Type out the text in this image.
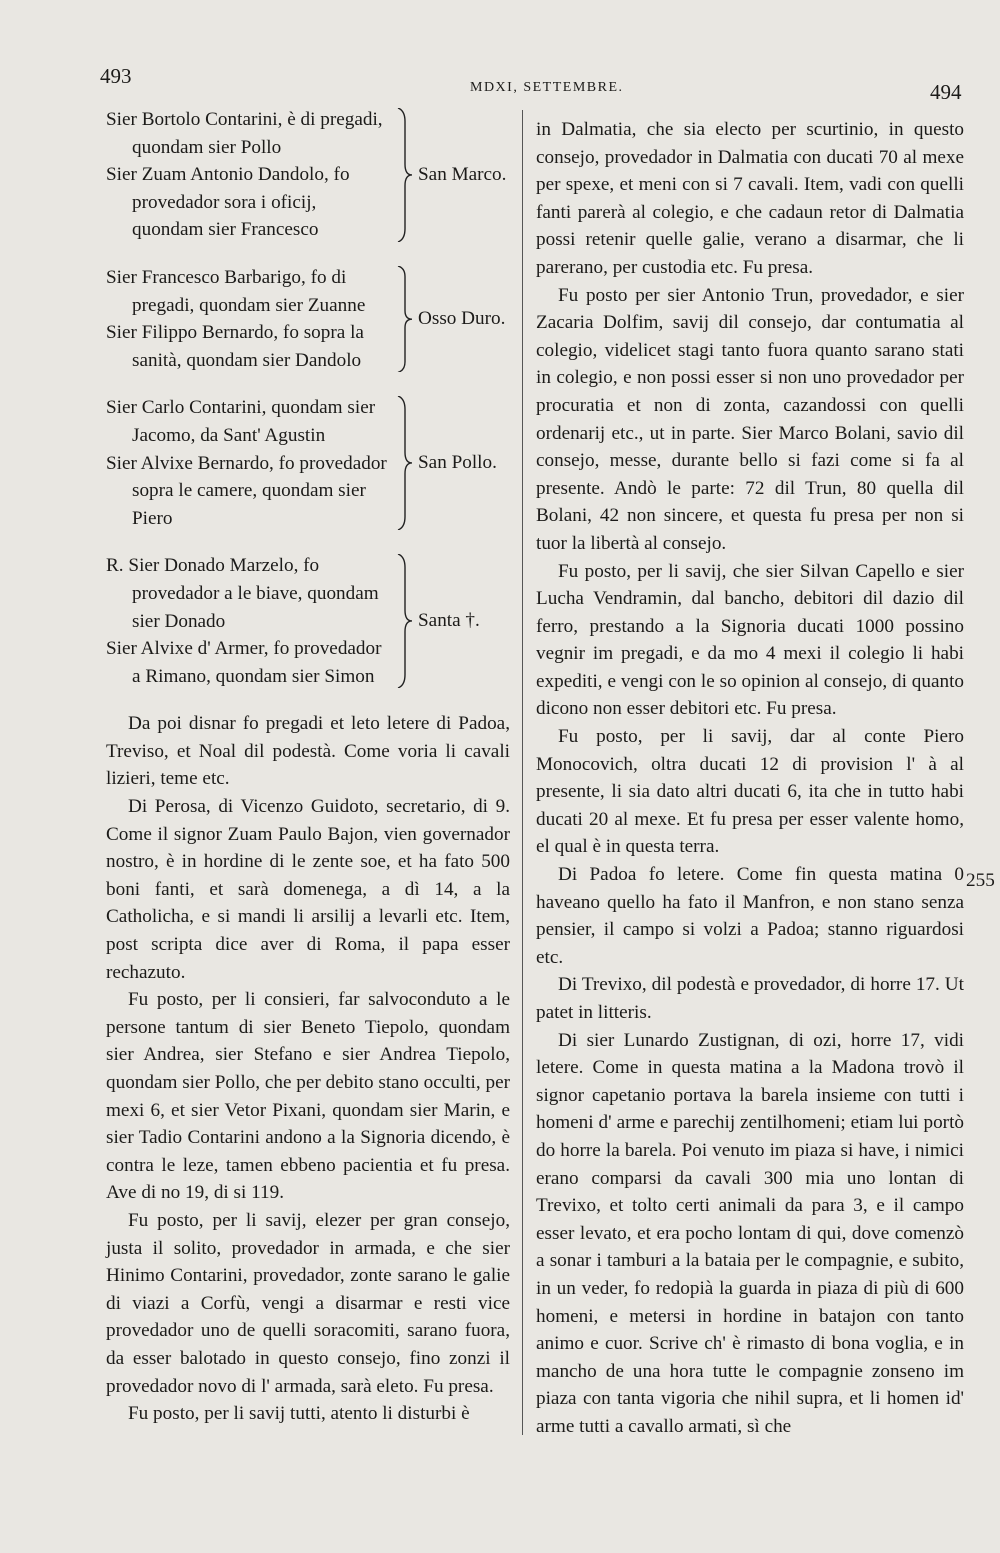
493	MDXI, SETTEMBRE.	494

Sier Bortolo Contarini, è di pregadi, quondam sier Pollo

Sier Zuam Antonio Dandolo, fo provedador sora i oficij, quondam sier Francesco

San Marco.

Sier Francesco Barbarigo, fo di pregadi, quondam sier Zuanne

Sier Filippo Bernardo, fo sopra la sanità, quondam sier Dandolo

Osso Duro.

Sier Carlo Contarini, quondam sier Jacomo, da Sant' Agustin

Sier Alvixe Bernardo, fo provedador sopra le camere, quondam sier Piero

San Pollo.

R. Sier Donado Marzelo, fo provedador a le biave, quondam sier Donado

Sier Alvixe d' Armer, fo provedador a Rimano, quondam sier Simon

Santa †.

Da poi disnar fo pregadi et leto letere di Padoa, Treviso, et Noal dil podestà. Come voria li cavali lizieri, teme etc.

Di Perosa, di Vicenzo Guidoto, secretario, di 9. Come il signor Zuam Paulo Bajon, vien governador nostro, è in hordine di le zente soe, et ha fato 500 boni fanti, et sarà domenega, a dì 14, a la Catholicha, e si mandi li arsilij a levarli etc. Item, post scripta dice aver di Roma, il papa esser rechazuto.

Fu posto, per li consieri, far salvoconduto a le persone tantum di sier Beneto Tiepolo, quondam sier Andrea, sier Stefano e sier Andrea Tiepolo, quondam sier Pollo, che per debito stano occulti, per mexi 6, et sier Vetor Pixani, quondam sier Marin, e sier Tadio Contarini andono a la Signoria dicendo, è contra le leze, tamen ebbeno pacientia et fu presa. Ave di no 19, di si 119.

Fu posto, per li savij, elezer per gran consejo, justa il solito, provedador in armada, e che sier Hinimo Contarini, provedador, zonte sarano le galie di viazi a Corfù, vengi a disarmar e resti vice provedador uno de quelli soracomiti, sarano fuora, da esser balotado in questo consejo, fino zonzi il provedador novo di l' armada, sarà eleto. Fu presa.

Fu posto, per li savij tutti, atento li disturbi è

in Dalmatia, che sia electo per scurtinio, in questo consejo, provedador in Dalmatia con ducati 70 al mexe per spexe, et meni con si 7 cavali. Item, vadi con quelli fanti parerà al colegio, e che cadaun retor di Dalmatia possi retenir quelle galie, verano a disarmar, che li parerano, per custodia etc. Fu presa.

Fu posto per sier Antonio Trun, provedador, e sier Zacaria Dolfim, savij dil consejo, dar contumatia al colegio, videlicet stagi tanto fuora quanto sarano stati in colegio, e non possi esser si non uno provedador per procuratia et non di zonta, cazandossi con quelli ordenarij etc., ut in parte. Sier Marco Bolani, savio dil consejo, messe, durante bello si fazi come si fa al presente. Andò le parte: 72 dil Trun, 80 quella dil Bolani, 42 non sincere, et questa fu presa per non si tuor la libertà al consejo.

Fu posto, per li savij, che sier Silvan Capello e sier Lucha Vendramin, dal bancho, debitori dil dazio dil ferro, prestando a la Signoria ducati 1000 possino vegnir im pregadi, e da mo 4 mexi il colegio li habi expediti, e vengi con le so opinion al consejo, di quanto dicono non esser debitori etc. Fu presa.

Fu posto, per li savij, dar al conte Piero Monocovich, oltra ducati 12 di provision l' à al presente, li sia dato altri ducati 6, ita che in tutto habi ducati 20 al mexe. Et fu presa per esser valente homo, el qual è in questa terra.

Di Padoa fo letere. Come fin questa matina 0 haveano quello ha fato il Manfron, e non stano senza pensier, il campo si volzi a Padoa; stanno riguardosi etc.

Di Trevixo, dil podestà e provedador, di horre 17. Ut patet in litteris.

Di sier Lunardo Zustignan, di ozi, horre 17, vidi letere. Come in questa matina a la Madona trovò il signor capetanio portava la barela insieme con tutti i homeni d' arme e parechij zentilhomeni; etiam lui portò do horre la barela. Poi venuto im piaza si have, i nimici erano comparsi da cavali 300 mia uno lontan di Trevixo, et tolto certi animali da para 3, e il campo esser levato, et era pocho lontam di qui, dove comenzò a sonar i tamburi a la bataia per le compagnie, e subito, in un veder, fo redopià la guarda in piaza di più di 600 homeni, e metersi in hordine in batajon con tanto animo e cuor. Scrive ch' è rimasto di bona voglia, e in mancho de una hora tutte le compagnie zonseno im piaza con tanta vigoria che nihil supra, et li homen id' arme tutti a cavallo armati, sì che

255
